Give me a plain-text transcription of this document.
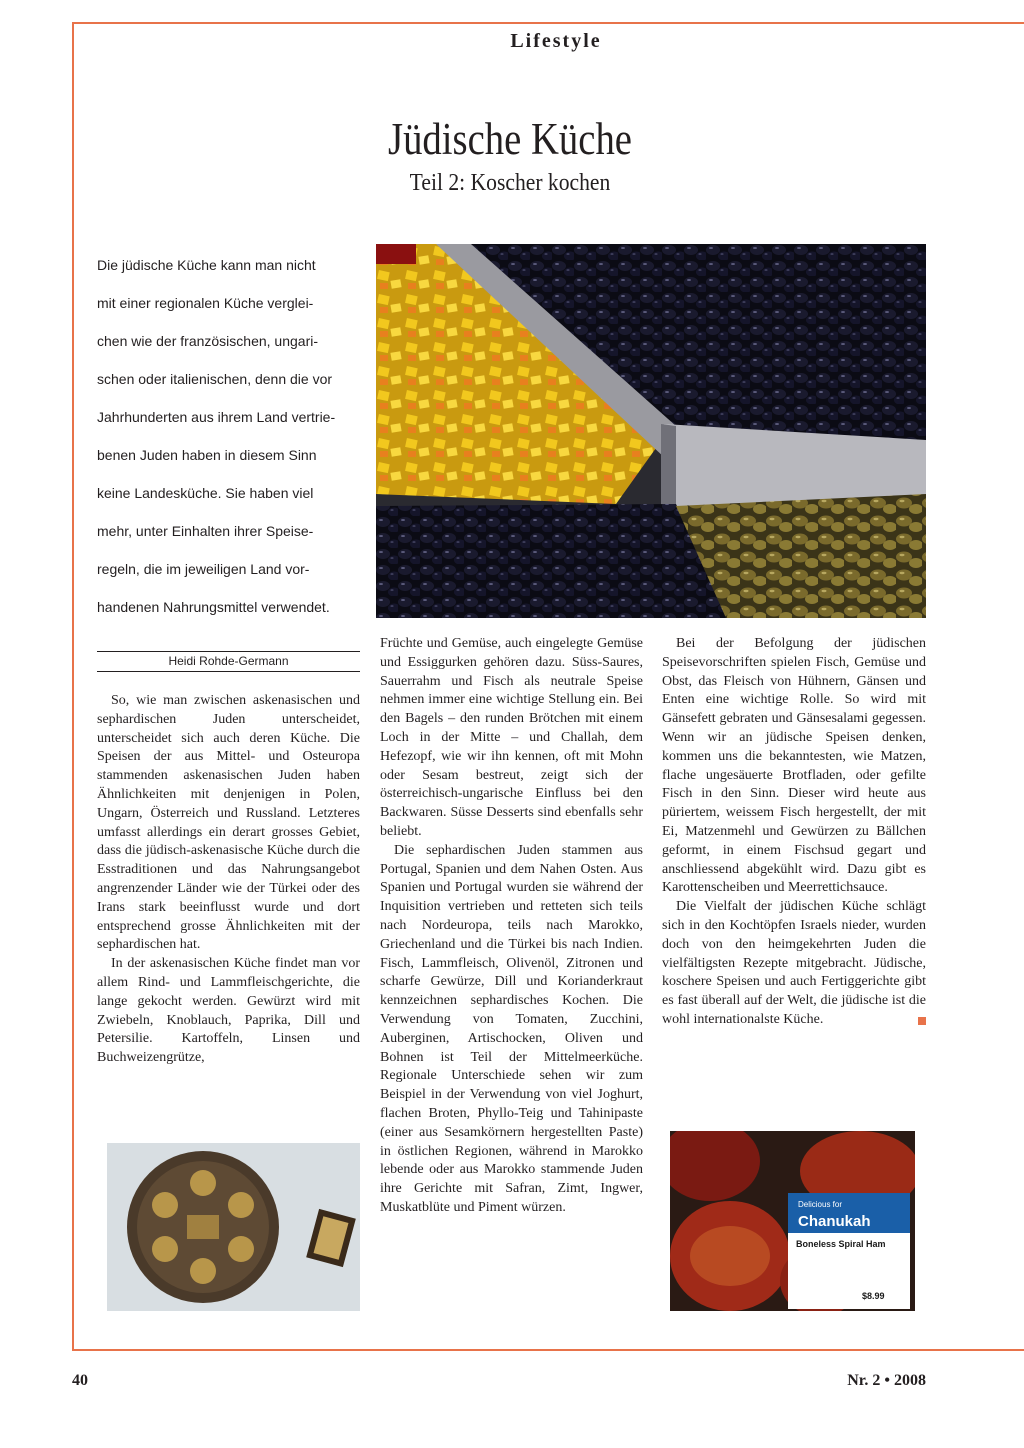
Lifestyle
Jüdische Küche
Teil 2: Koscher kochen
Die jüdische Küche kann man nicht
mit einer regionalen Küche verglei-
chen wie der französischen, ungari-
schen oder italienischen, denn die vor
Jahrhunderten aus ihrem Land vertrie-
benen Juden haben in diesem Sinn
keine Landesküche. Sie haben viel
mehr, unter Einhalten ihrer Speise-
regeln, die im jeweiligen Land vor-
handenen Nahrungsmittel verwendet.
Heidi Rohde-Germann

So, wie man zwischen askenasischen und sephardischen Juden unterscheidet, unterscheidet sich auch deren Küche. Die Speisen der aus Mittel- und Osteuropa stammenden askenasischen Juden haben Ähnlichkeiten mit denjenigen in Polen, Ungarn, Österreich und Russland. Letzteres umfasst allerdings ein derart grosses Gebiet, dass die jüdisch-askenasische Küche durch die Esstraditionen und das Nahrungsangebot angrenzender Länder wie der Türkei oder des Irans stark beeinflusst wurde und dort entsprechend grosse Ähnlichkeiten mit der sephardischen hat.

In der askenasischen Küche findet man vor allem Rind- und Lammfleischgerichte, die lange gekocht werden. Gewürzt wird mit Zwiebeln, Knoblauch, Paprika, Dill und Petersilie. Kartoffeln, Linsen und Buchweizengrütze,

Früchte und Gemüse, auch eingelegte Gemüse und Essiggurken gehören dazu. Süss-Saures, Sauerrahm und Fisch als neutrale Speise nehmen immer eine wichtige Stellung ein. Bei den Bagels – den runden Brötchen mit einem Loch in der Mitte – und Challah, dem Hefezopf, wie wir ihn kennen, oft mit Mohn oder Sesam bestreut, zeigt sich der österreichisch-ungarische Einfluss bei den Backwaren. Süsse Desserts sind ebenfalls sehr beliebt.

Die sephardischen Juden stammen aus Portugal, Spanien und dem Nahen Osten. Aus Spanien und Portugal wurden sie während der Inquisition vertrieben und retteten sich teils nach Nordeuropa, teils nach Marokko, Griechenland und die Türkei bis nach Indien. Fisch, Lammfleisch, Olivenöl, Zitronen und scharfe Gewürze, Dill und Korianderkraut kennzeichnen sephardisches Kochen. Die Verwendung von Tomaten, Zucchini, Auberginen, Artischocken, Oliven und Bohnen ist Teil der Mittelmeerküche. Regionale Unterschiede sehen wir zum Beispiel in der Verwendung von viel Joghurt, flachen Broten, Phyllo-Teig und Tahinipaste (einer aus Sesamkörnern hergestellten Paste) in östlichen Regionen, während in Marokko lebende oder aus Marokko stammende Juden ihre Gerichte mit Safran, Zimt, Ingwer, Muskatblüte und Piment würzen.

Bei der Befolgung der jüdischen Speisevorschriften spielen Fisch, Gemüse und Obst, das Fleisch von Hühnern, Gänsen und Enten eine wichtige Rolle. So wird mit Gänsefett gebraten und Gänsesalami gegessen. Wenn wir an jüdische Speisen denken, kommen uns die bekanntesten, wie Matzen, flache ungesäuerte Brotfladen, oder gefilte Fisch in den Sinn. Dieser wird heute aus püriertem, weissem Fisch hergestellt, der mit Ei, Matzenmehl und Gewürzen zu Bällchen geformt, in einem Fischsud gegart und anschliessend abgekühlt wird. Dazu gibt es Karottenscheiben und Meerrettichsauce.

Die Vielfalt der jüdischen Küche schlägt sich in den Kochtöpfen Israels nieder, wurden doch von den heimgekehrten Juden die vielfältigsten Rezepte mitgebracht. Jüdische, koschere Speisen und auch Fertiggerichte gibt es fast überall auf der Welt, die jüdische ist die wohl internationalste Küche.

Delicious for
Chanukah
Boneless Spiral Ham
$8.99
40	Nr. 2 • 2008
